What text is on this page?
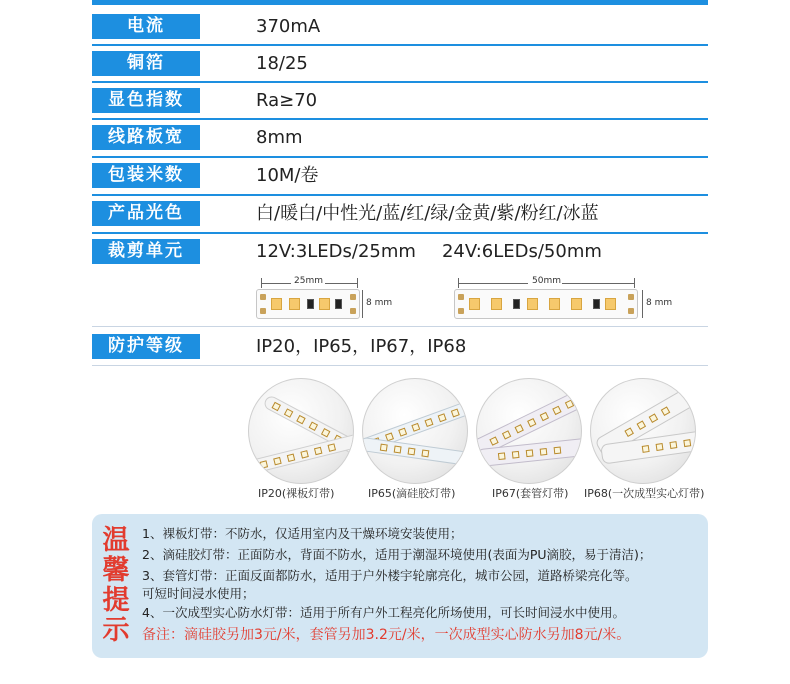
电流	370mA
铜箔	18/25
显色指数	Ra≥70
线路板宽	8mm
包装米数	10M/卷
产品光色	白/暖白/中性光/蓝/红/绿/金黄/紫/粉红/冰蓝
裁剪单元	12V:3LEDs/25mm 24V:6LEDs/50mm
25mm
8 mm
50mm
8 mm
防护等级	IP20，IP65，IP67，IP68
IP20(裸板灯带)	IP65(滴硅胶灯带)	IP67(套管灯带) IP68(一次成型实心灯带)
温
馨
提
示
1、裸板灯带：不防水，仅适用室内及干燥环境安装使用；
2、滴硅胶灯带：正面防水，背面不防水，适用于潮湿环境使用(表面为PU滴胶，易于清洁)；
3、套管灯带：正面反面都防水，适用于户外楼宇轮廓亮化，城市公园，道路桥梁亮化等。
可短时间浸水使用；
4、一次成型实心防水灯带：适用于所有户外工程亮化所场使用，可长时间浸水中使用。
备注：滴硅胶另加3元/米，套管另加3.2元/米，一次成型实心防水另加8元/米。
